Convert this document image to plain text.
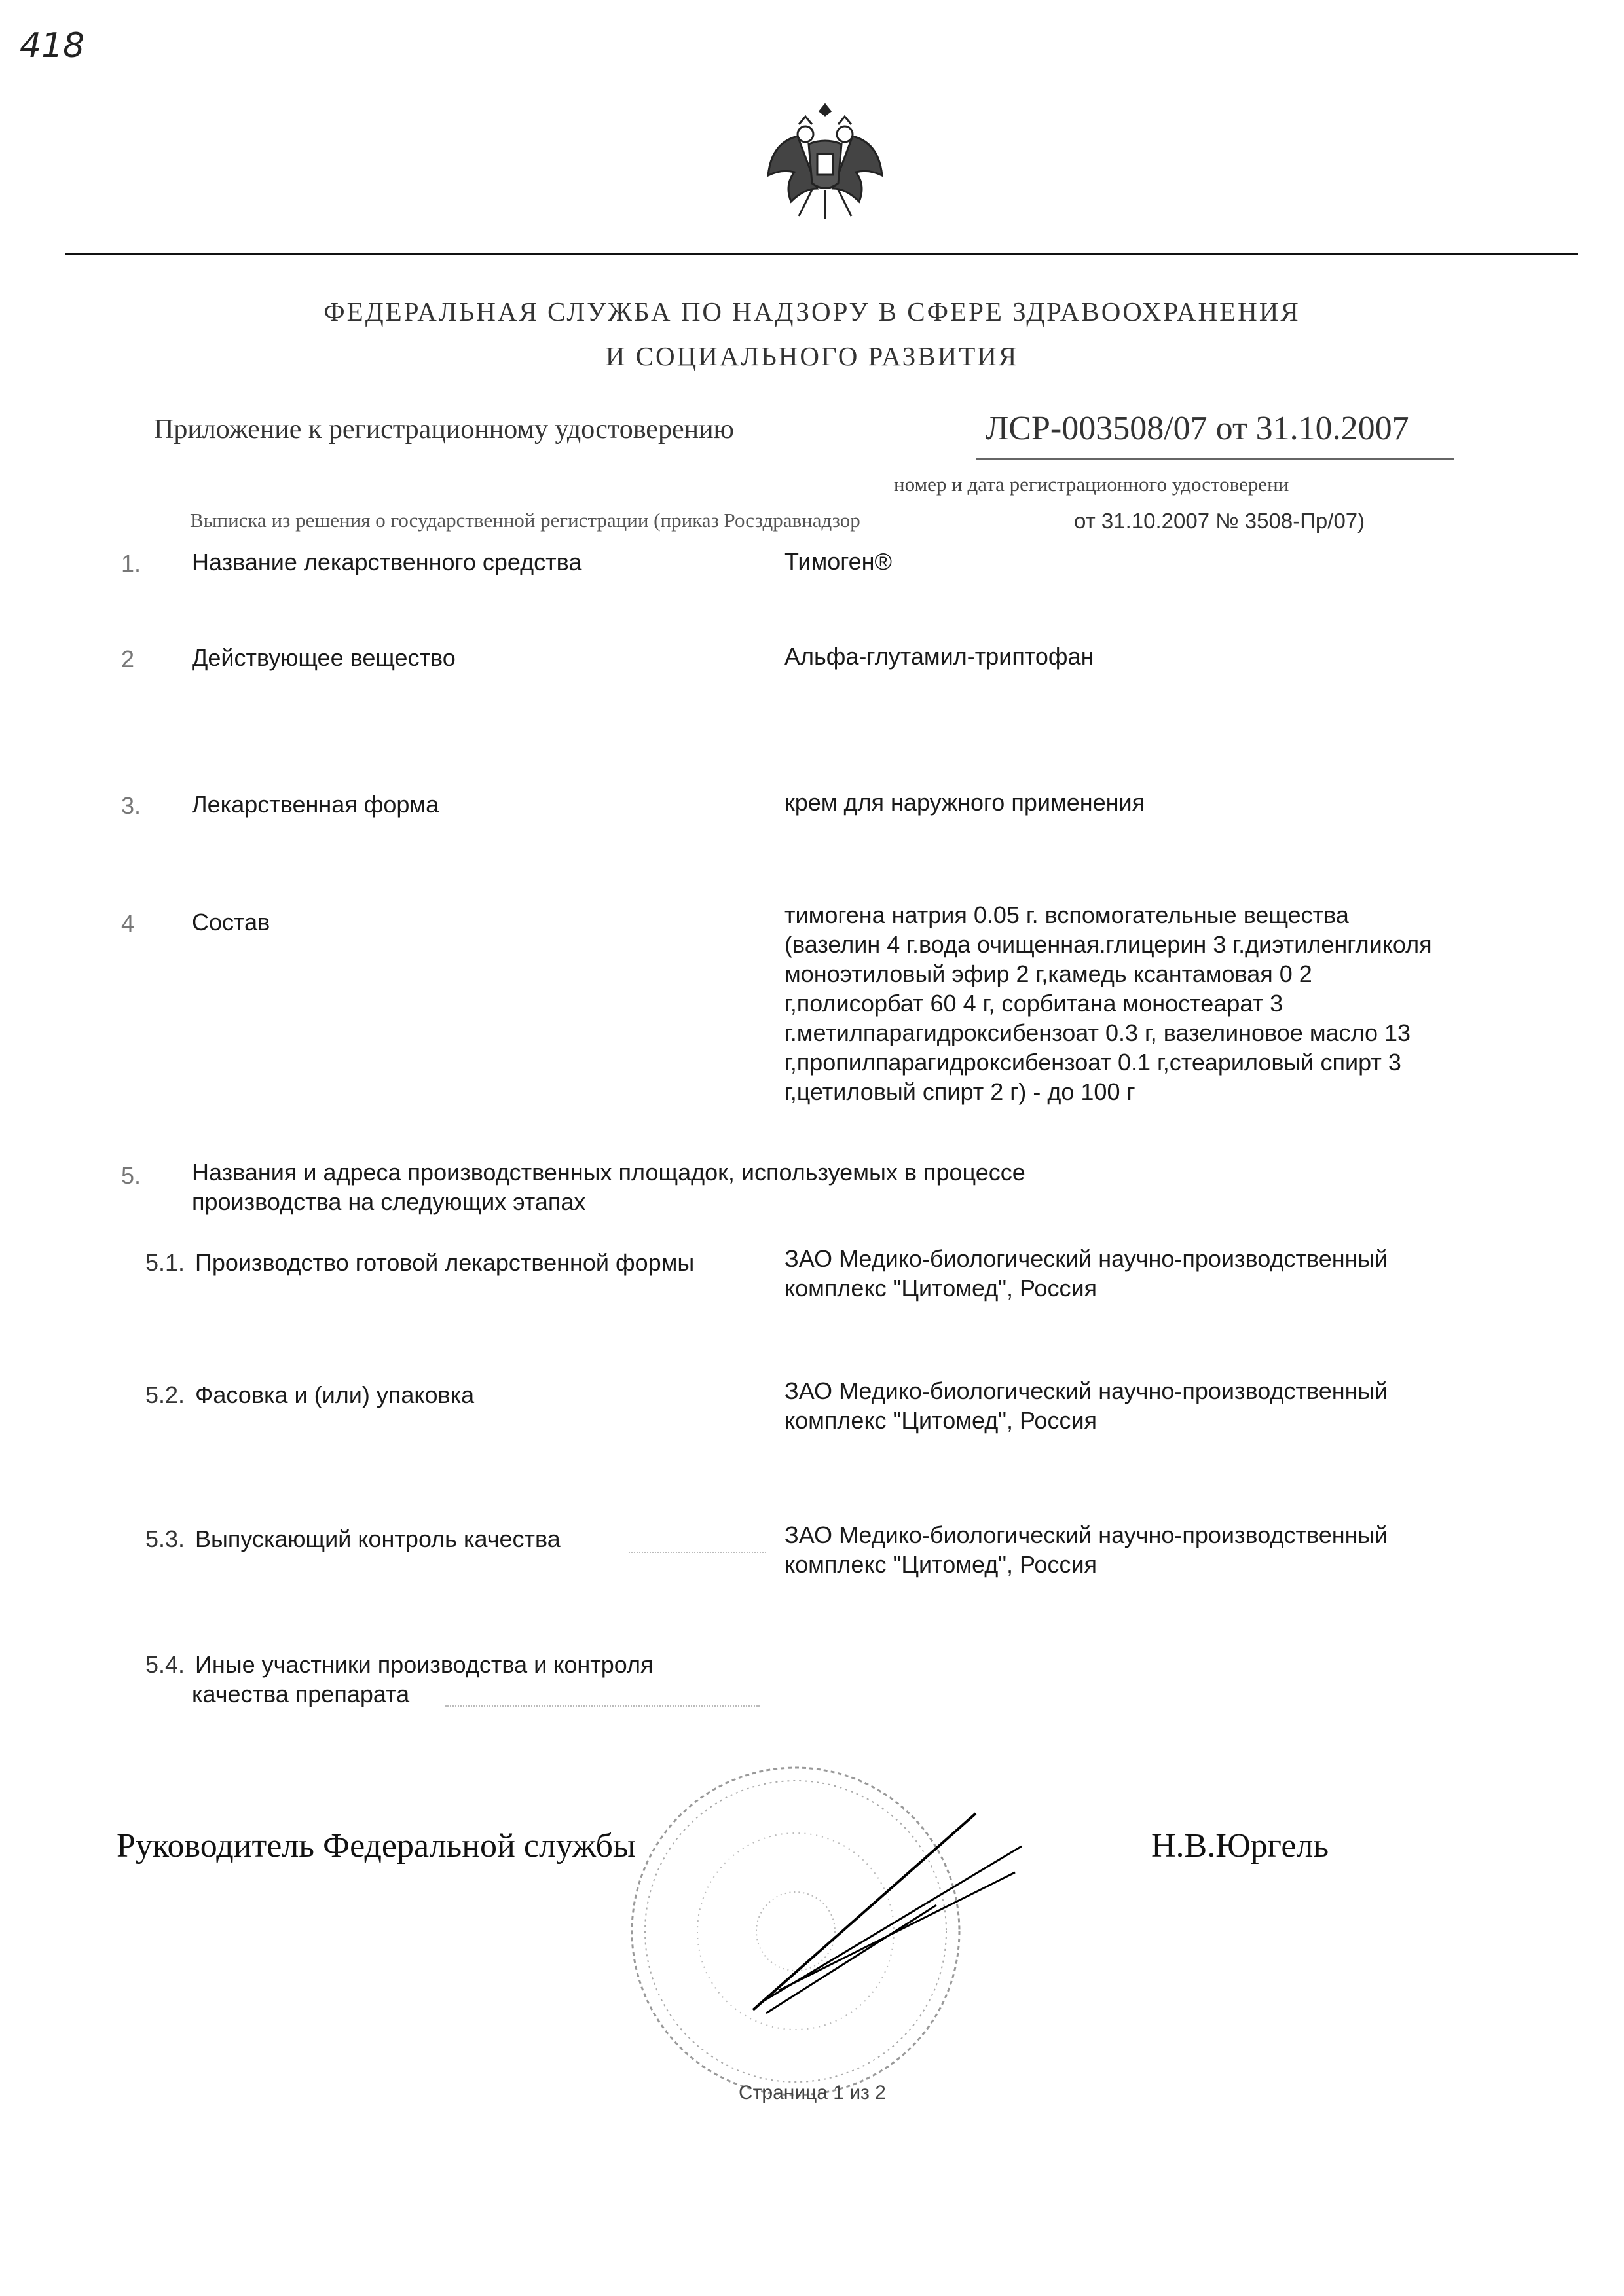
418
ФЕДЕРАЛЬНАЯ СЛУЖБА ПО НАДЗОРУ В СФЕРЕ ЗДРАВООХРАНЕНИЯ
И СОЦИАЛЬНОГО РАЗВИТИЯ
Приложение к регистрационному удостоверению	ЛСР-003508/07 от 31.10.2007
номер и дата регистрационного удостоверени
Выписка из решения о государственной регистрации (приказ Росздравнадзор	от 31.10.2007 № 3508-Пр/07)
1. Название лекарственного средства	Тимоген®
2 Действующее вещество	Альфа-глутамил-триптофан
3. Лекарственная форма	крем для наружного применения
4 Состав	тимогена натрия 0.05 г. вспомогательные вещества
(вазелин 4 г.вода очищенная.глицерин 3 г.диэтиленгликоля
моноэтиловый эфир 2 г,камедь ксантамовая 0 2
г,полисорбат 60 4 г, сорбитана моностеарат 3
г.метилпарагидроксибензоат 0.3 г, вазелиновое масло 13
г,пропилпарагидроксибензоат 0.1 г,стеариловый спирт 3
г,цетиловый спирт 2 г) - до 100 г
5. Названия и адреса производственных площадок, используемых в процессе
производства на следующих этапах
5.1. Производство готовой лекарственной формы	ЗАО Медико-биологический научно-производственный
комплекс "Цитомед", Россия
5.2. Фасовка и (или) упаковка	ЗАО Медико-биологический научно-производственный
комплекс "Цитомед", Россия
5.3. Выпускающий контроль качества	ЗАО Медико-биологический научно-производственный
комплекс "Цитомед", Россия
5.4. Иные участники производства и контроля
качества препарата
Руководитель Федеральной службы	Н.В.Юргель
Страница 1 из 2
